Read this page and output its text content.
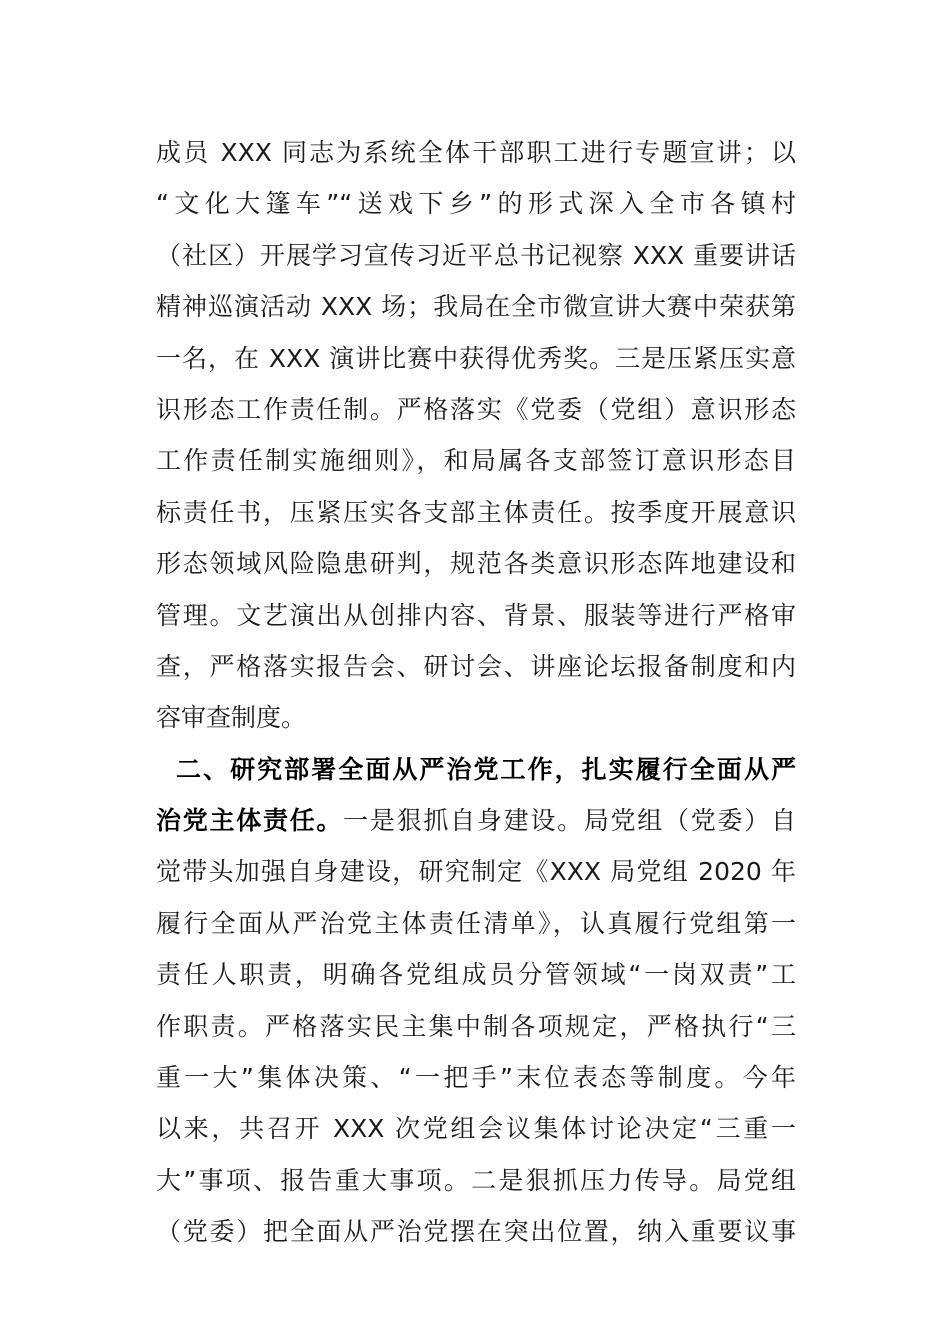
成员 XXX 同志为系统全体干部职工进行专题宣讲；以
“文化大篷车”“送戏下乡”的形式深入全市各镇村
（社区）开展学习宣传习近平总书记视察 XXX 重要讲话
精神巡演活动 XXX 场；我局在全市微宣讲大赛中荣获第
一名，在 XXX 演讲比赛中获得优秀奖。三是压紧压实意
识形态工作责任制。严格落实《党委（党组）意识形态
工作责任制实施细则》，和局属各支部签订意识形态目
标责任书，压紧压实各支部主体责任。按季度开展意识
形态领域风险隐患研判，规范各类意识形态阵地建设和
管理。文艺演出从创排内容、背景、服装等进行严格审
查，严格落实报告会、研讨会、讲座论坛报备制度和内
容审查制度。
二、研究部署全面从严治党工作，扎实履行全面从严
治党主体责任。一是狠抓自身建设。局党组（党委）自
觉带头加强自身建设，研究制定《XXX 局党组 2020 年
履行全面从严治党主体责任清单》，认真履行党组第一
责任人职责，明确各党组成员分管领域“一岗双责”工
作职责。严格落实民主集中制各项规定，严格执行“三
重一大”集体决策、“一把手”末位表态等制度。今年
以来，共召开 XXX 次党组会议集体讨论决定“三重一
大”事项、报告重大事项。二是狠抓压力传导。局党组
（党委）把全面从严治党摆在突出位置，纳入重要议事
